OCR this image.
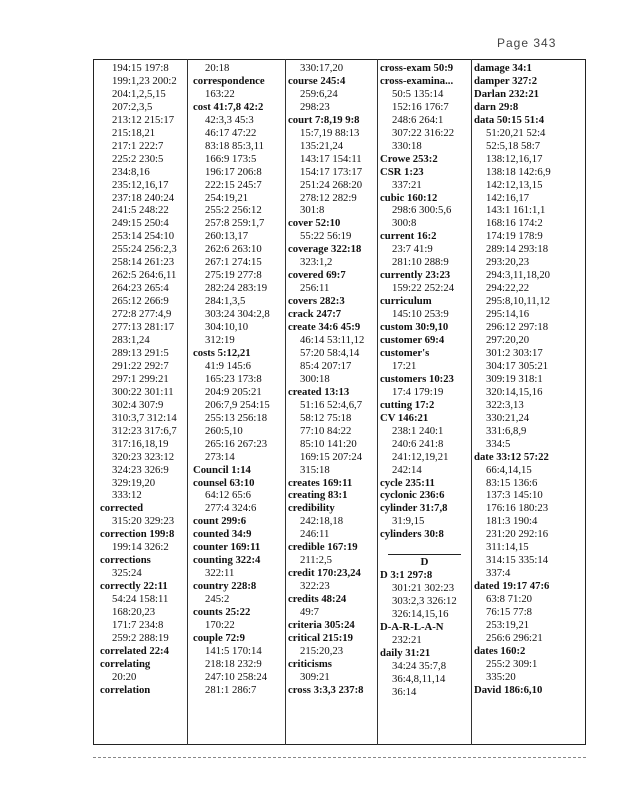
Page 343
194:15 197:8
199:1,23 200:2
204:1,2,5,15
207:2,3,5
213:12 215:17
215:18,21
217:1 222:7
225:2 230:5
234:8,16
235:12,16,17
237:18 240:24
241:5 248:22
249:15 250:4
253:14 254:10
255:24 256:2,3
258:14 261:23
262:5 264:6,11
264:23 265:4
265:12 266:9
272:8 277:4,9
277:13 281:17
283:1,24
289:13 291:5
291:22 292:7
297:1 299:21
300:22 301:11
302:4 307:9
310:3,7 312:14
312:23 317:6,7
317:16,18,19
320:23 323:12
324:23 326:9
329:19,20
333:12
corrected
315:20 329:23
correction 199:8
199:14 326:2
corrections
325:24
correctly 22:11
54:24 158:11
168:20,23
171:7 234:8
259:2 288:19
correlated 22:4
correlating
20:20
correlation
20:18
correspondence
163:22
cost 41:7,8 42:2
42:3,3 45:3
46:17 47:22
83:18 85:3,11
166:9 173:5
196:17 206:8
222:15 245:7
254:19,21
255:2 256:12
257:8 259:1,7
260:13,17
262:6 263:10
267:1 274:15
275:19 277:8
282:24 283:19
284:1,3,5
303:24 304:2,8
304:10,10
312:19
costs 5:12,21
41:9 145:6
165:23 173:8
204:9 205:21
206:7,9 254:15
255:13 256:18
260:5,10
265:16 267:23
273:14
Council 1:14
counsel 63:10
64:12 65:6
277:4 324:6
count 299:6
counted 34:9
counter 169:11
counting 322:4
322:11
country 228:8
245:2
counts 25:22
170:22
couple 72:9
141:5 170:14
218:18 232:9
247:10 258:24
281:1 286:7
330:17,20
course 245:4
259:6,24
298:23
court 7:8,19 9:8
15:7,19 88:13
135:21,24
143:17 154:11
154:17 173:17
251:24 268:20
278:12 282:9
301:8
cover 52:10
55:22 56:19
coverage 322:18
323:1,2
covered 69:7
256:11
covers 282:3
crack 247:7
create 34:6 45:9
46:14 53:11,12
57:20 58:4,14
85:4 207:17
300:18
created 13:13
51:16 52:4,6,7
58:12 75:18
77:10 84:22
85:10 141:20
169:15 207:24
315:18
creates 169:11
creating 83:1
credibility
242:18,18
246:11
credible 167:19
211:2,5
credit 170:23,24
322:23
credits 48:24
49:7
criteria 305:24
critical 215:19
215:20,23
criticisms
309:21
cross 3:3,3 237:8
cross-exam 50:9
cross-examina...
50:5 135:14
152:16 176:7
248:6 264:1
307:22 316:22
330:18
Crowe 253:2
CSR 1:23
337:21
cubic 160:12
298:6 300:5,6
300:8
current 16:2
23:7 41:9
281:10 288:9
currently 23:23
159:22 252:24
curriculum
145:10 253:9
custom 30:9,10
customer 69:4
customer's
17:21
customers 10:23
17:4 179:19
cutting 17:2
CV 146:21
238:1 240:1
240:6 241:8
241:12,19,21
242:14
cycle 235:11
cyclonic 236:6
cylinder 31:7,8
31:9,15
cylinders 30:8
D
D 3:1 297:8
301:21 302:23
303:2,3 326:12
326:14,15,16
D-A-R-L-A-N
232:21
daily 31:21
34:24 35:7,8
36:4,8,11,14
36:14
damage 34:1
damper 327:2
Darlan 232:21
darn 29:8
data 50:15 51:4
51:20,21 52:4
52:5,18 58:7
138:12,16,17
138:18 142:6,9
142:12,13,15
142:16,17
143:1 161:1,1
168:16 174:2
174:19 178:9
289:14 293:18
293:20,23
294:3,11,18,20
294:22,22
295:8,10,11,12
295:14,16
296:12 297:18
297:20,20
301:2 303:17
304:17 305:21
309:19 318:1
320:14,15,16
322:3,13
330:21,24
331:6,8,9
334:5
date 33:12 57:22
66:4,14,15
83:15 136:6
137:3 145:10
176:16 180:23
181:3 190:4
231:20 292:16
311:14,15
314:15 335:14
337:4
dated 19:17 47:6
63:8 71:20
76:15 77:8
253:19,21
256:6 296:21
dates 160:2
255:2 309:1
335:20
David 186:6,10
